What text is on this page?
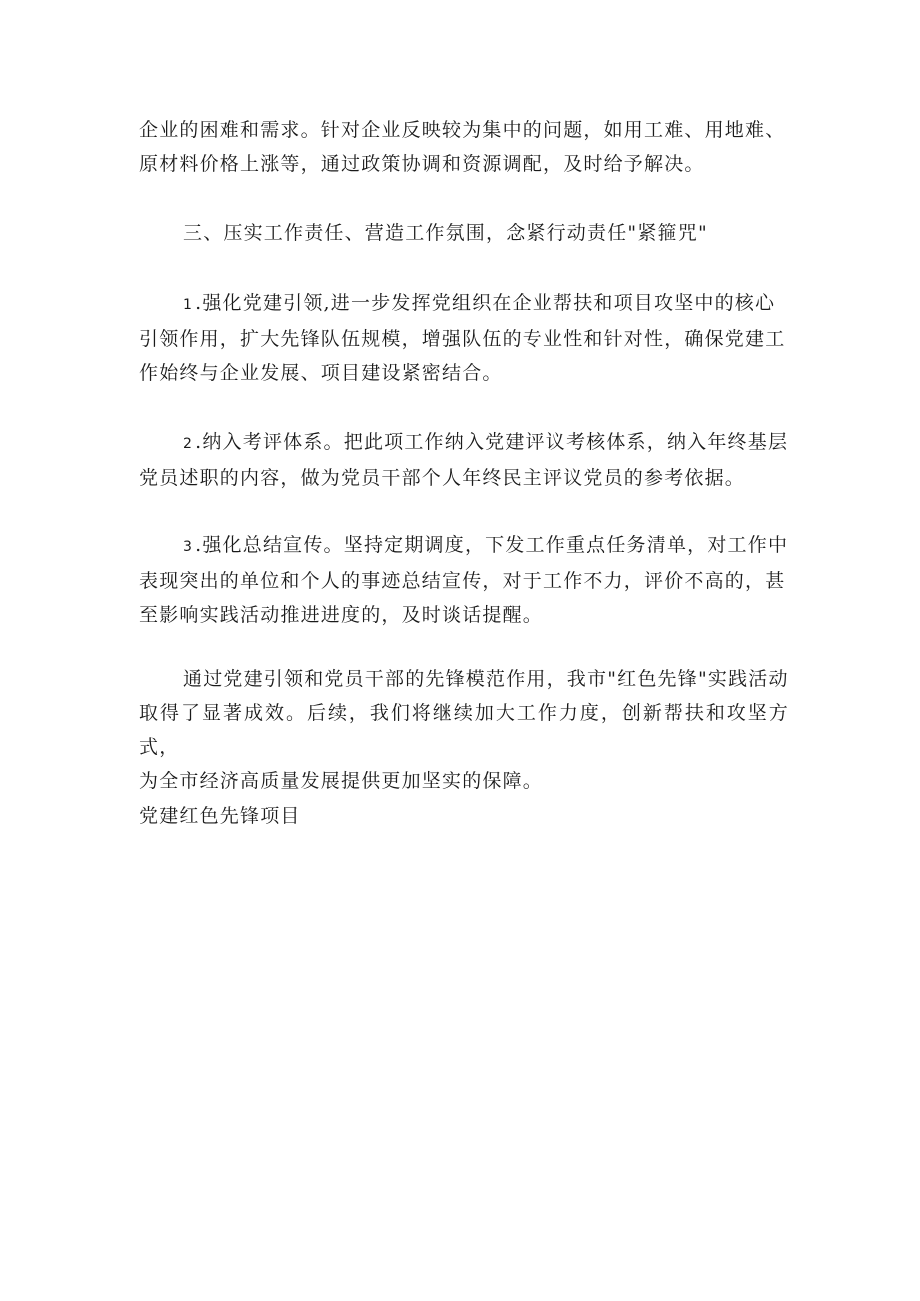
企业的困难和需求。针对企业反映较为集中的问题，如用工难、用地难、
原材料价格上涨等，通过政策协调和资源调配，及时给予解决。

三、压实工作责任、营造工作氛围，念紧行动责任"紧箍咒"

1 .强化党建引领,进一步发挥党组织在企业帮扶和项目攻坚中的核心
引领作用，扩大先锋队伍规模，增强队伍的专业性和针对性，确保党建工
作始终与企业发展、项目建设紧密结合。

2 .纳入考评体系。把此项工作纳入党建评议考核体系，纳入年终基层
党员述职的内容，做为党员干部个人年终民主评议党员的参考依据。

3 .强化总结宣传。坚持定期调度，下发工作重点任务清单，对工作中
表现突出的单位和个人的事迹总结宣传，对于工作不力，评价不高的，甚
至影响实践活动推进进度的，及时谈话提醒。

通过党建引领和党员干部的先锋模范作用，我市"红色先锋"实践活动
取得了显著成效。后续，我们将继续加大工作力度，创新帮扶和攻坚方式，
为全市经济高质量发展提供更加坚实的保障。

党建红色先锋项目
